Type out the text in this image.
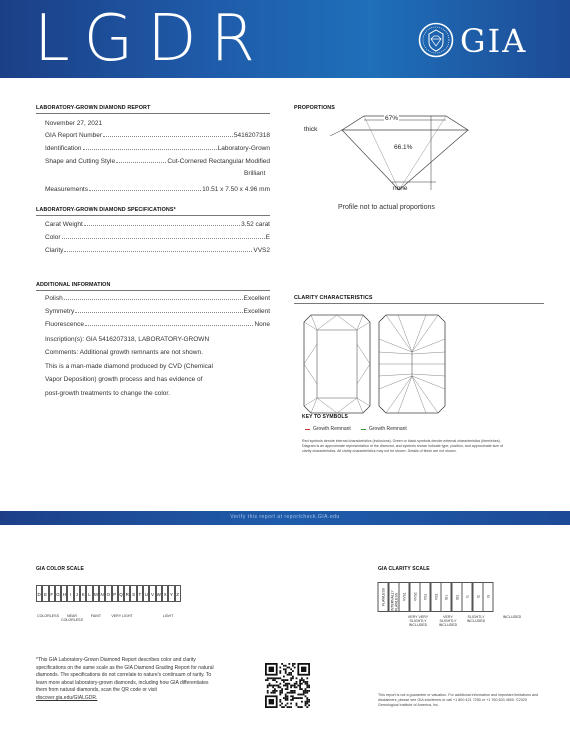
LGDR	GIA
LABORATORY-GROWN DIAMOND REPORT
November 27, 2021
GIA Report Number	5416207318
Identification	Laboratory-Grown
Shape and Cutting Style	Cut-Cornered Rectangular Modified
Brilliant
Measurements	10.51 x 7.50 x 4.96 mm
LABORATORY-GROWN DIAMOND SPECIFICATIONS*
Carat Weight	3.52 carat
Color	E
Clarity	VVS2
ADDITIONAL INFORMATION
Polish	Excellent
Symmetry	Excellent
Fluorescence	None
Inscription(s): GIA 5416207318, LABORATORY-GROWN
Comments: Additional growth remnants are not shown.
This is a man-made diamond produced by CVD (Chemical
Vapor Deposition) growth process and has evidence of
post-growth treatments to change the color.
PROPORTIONS
67%
66.1%
thick
none
Profile not to actual proportions
CLARITY CHARACTERISTICS
KEY TO SYMBOLS
Growth Remnant	Growth Remnant
Red symbols denote internal characteristics (inclusions). Green or black symbols denote external characteristics (blemishes).
Diagram is an approximate representation of the diamond, and symbols shown indicate type, position, and approximate size of
clarity characteristics. All clarity characteristics may not be shown. Details of finish are not shown.
Verify this report at reportcheck.GIA.edu
GIA COLOR SCALE
D E F G H I	J K L M N O P Q R S T U V W X Y Z
COLORLESS	NEAR COLORLESS
FAINT	VERY LIGHT	LIGHT
GIA CLARITY SCALE
FLAWLESS	INTERNALLY FLAWLESS	VVS1	VVS2	VS1	VS2	SI1	SI2	I1	I2	I3
VERY VERY SLIGHTLY INCLUDED
VERY SLIGHTLY INCLUDED
SLIGHTLY INCLUDED
INCLUDED
*This GIA Laboratory-Grown Diamond Report describes color and clarity specifications on the same scale as the GIA Diamond Grading Report for natural diamonds. The specifications do not correlate to nature's continuum of rarity. To learn more about laboratory-grown diamonds, including how GIA differentiates them from natural diamonds, scan the QR code or visit discover.gia.edu/GIALGDR.	This report is not a guarantee or valuation. For additional information and important limitations and disclaimers, please see GIA.edu/terms or call +1 800 421 7250 or +1 760 603 4500. ©2020 Gemological Institute of America, Inc.
